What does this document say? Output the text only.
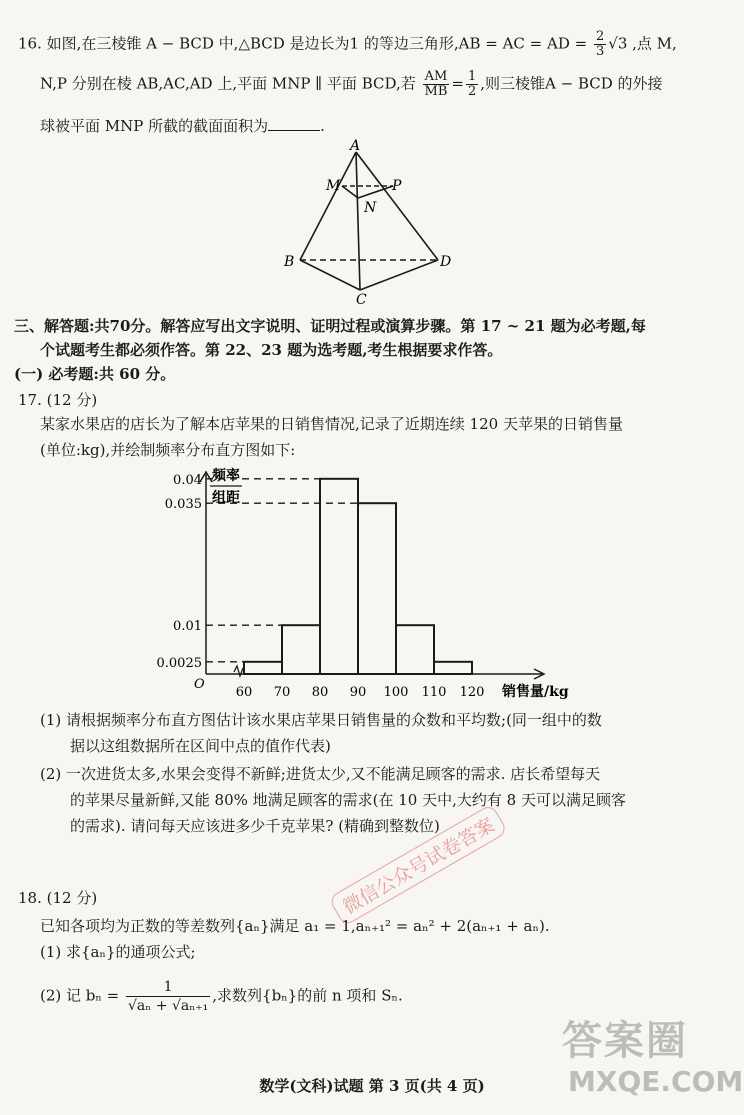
16. 如图,在三棱锥 A − BCD 中,△BCD 是边长为1 的等边三角形,AB = AC = AD = $\frac{2}{3} √3$ ,点 M,
N,P 分别在棱 AB,AC,AD 上,平面 MNP ∥ 平面 BCD,若 $\frac{AM}{MB} = \frac{1}{2}$ ,则三棱锥A − BCD 的外接
球被平面 MNP 所截的截面面积为	.
A
B
C
D
M
N
P
三、解答题:共70分。解答应写出文字说明、证明过程或演算步骤。第 17 ~ 21 题为必考题,每
个试题考生都必须作答。第 22、23 题为选考题,考生根据要求作答。
(一) 必考题:共 60 分。
17. (12 分)
某家水果店的店长为了解本店苹果的日销售情况,记录了近期连续 120 天苹果的日销售量
(单位:kg),并绘制频率分布直方图如下:
频率
组距
O	销售量/kg
0.04
0.035
0.01
0.0025
60 70 80 90 100 110 120
(1) 请根据频率分布直方图估计该水果店苹果日销售量的众数和平均数;(同一组中的数
据以这组数据所在区间中点的值作代表)
(2) 一次进货太多,水果会变得不新鲜;进货太少,又不能满足顾客的需求. 店长希望每天
的苹果尽量新鲜,又能 80% 地满足顾客的需求(在 10 天中,大约有 8 天可以满足顾客
的需求). 请问每天应该进多少千克苹果? (精确到整数位)
微信公众号试卷答案
18. (12 分)
已知各项均为正数的等差数列{aₙ}满足 a₁ = 1,aₙ₊₁² = aₙ² + 2(aₙ₊₁ + aₙ).
(1) 求{aₙ}的通项公式;
(2) 记 $b_n = \frac{1}{\text{√aₙ + √aₙ₊₁}}$ ,求数列{bₙ}的前 n 项和 Sₙ.
答案圈
MXQE.COM
数学(文科)试题 第 3 页(共 4 页)
